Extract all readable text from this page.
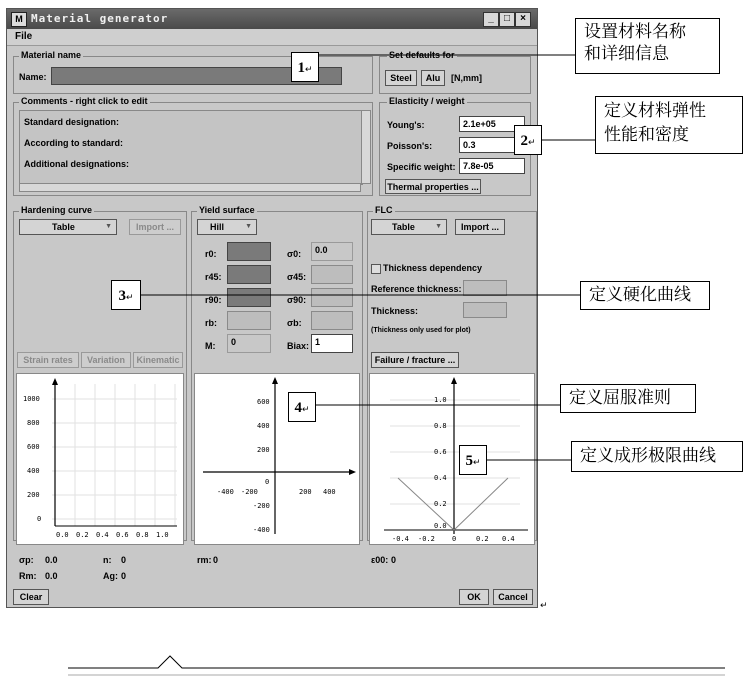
M Material generator	_	□	×
File
Material name
Name:
Set defaults for
Steel	Alu	[N,mm]
Comments - right click to edit
Standard designation:
According to standard:
Additional designations:
Elasticity / weight
Young's:	2.1e+05
Poisson's:	0.3
Specific weight: 7.8e-05
Thermal properties ...
Hardening curve
Table	▼	Import ...
Strain rates	Variation	Kinematic
1000
800
600
400
200
0
0.0 0.2 0.4 0.6 0.8 1.0
σp: 0.0	n: 0
Rm: 0.0	Ag: 0
Yield surface
Hill	▼
r0:
r45:
r90:
rb:
M:	0
σ0:	0.0
σ45:
σ90:
σb:
Biax: 1
600
400
200
0
-200
-400
-400 -200	200 400
rm: 0
FLC
Table	▼	Import ...
Thickness dependency
Reference thickness:
Thickness:
(Thickness only used for plot)
Failure / fracture ...
1.0
0.8
0.6
0.4
0.2
0.0
-0.4 -0.2 0	0.2 0.4
ε00: 0
Clear	OK	Cancel
↵
1↵
2↵
3↵
4↵
5↵
设置材料名称
和详细信息
定义材料弹性
性能和密度
定义硬化曲线
定义屈服准则
定义成形极限曲线
